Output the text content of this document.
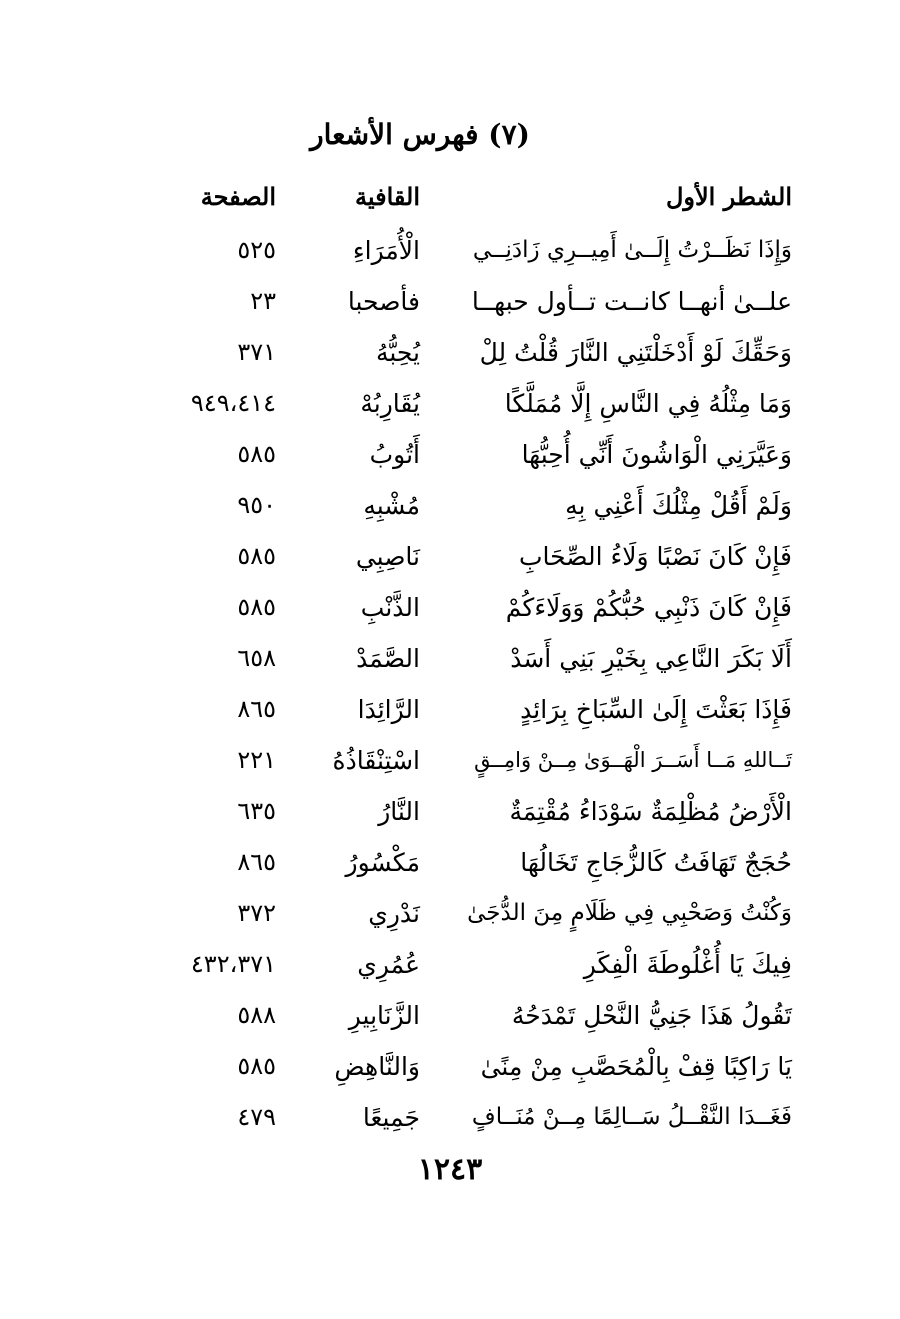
(٧) فهرس الأشعار
الشطر الأول
القافية
الصفحة
وَإِذَا نَظَــرْتُ إِلَــىٰ أَمِيــرِي زَادَنِــي
الْأُمَرَاءِ
٥٢٥
علــىٰ أنهــا كانــت تــأول حبهــا
فأصحبا
٢٣
وَحَقِّكَ لَوْ أَدْخَلْتَنِي النَّارَ قُلْتُ لِلْ
يُحِبُّهُ
٣٧١
وَمَا مِثْلُهُ فِي النَّاسِ إِلَّا مُمَلَّكًا
يُقَارِبُهْ
٩٤٩،٤١٤
وَعَيَّرَنِي الْوَاشُونَ أَنِّي أُحِبُّهَا
أَتُوبُ
٥٨٥
وَلَمْ أَقُلْ مِثْلُكَ أَعْنِي بِهِ
مُشْبِهِ
٩٥٠
فَإِنْ كَانَ نَصْبًا وَلَاءُ الصِّحَابِ
نَاصِبِي
٥٨٥
فَإِنْ كَانَ ذَنْبِي حُبُّكُمْ وَوَلَاءَكُمْ
الذَّنْبِ
٥٨٥
أَلَا بَكَرَ النَّاعِي بِخَيْرِ بَنِي أَسَدْ
الصَّمَدْ
٦٥٨
فَإِذَا بَعَثْتَ إِلَىٰ السِّبَاخِ بِرَائِدٍ
الرَّائِدَا
٨٦٥
تَــاللهِ مَــا أَسَــرَ الْهَــوَىٰ مِــنْ وَامِــقٍ
اسْتِنْقَاذُهُ
٢٢١
الْأَرْضُ مُظْلِمَةٌ سَوْدَاءُ مُقْتِمَةٌ
النَّارُ
٦٣٥
حُجَجٌ تَهَافَتُ كَالزُّجَاجِ تَخَالُهَا
مَكْسُورُ
٨٦٥
وَكُنْتُ وَصَحْبِي فِي ظَلَامٍ مِنَ الدُّجَىٰ
نَدْرِي
٣٧٢
فِيكَ يَا أُغْلُوطَةَ الْفِكَرِ
عُمُرِي
٤٣٢،٣٧١
تَقُولُ هَذَا جَنِيُّ النَّحْلِ تَمْدَحُهُ
الزَّنَابِيرِ
٥٨٨
يَا رَاكِبًا قِفْ بِالْمُحَصَّبِ مِنْ مِنًىٰ
وَالنَّاهِضِ
٥٨٥
فَغَــدَا النَّقْــلُ سَــالِمًا مِــنْ مُنَــافٍ
جَمِيعًا
٤٧٩
١٢٤٣
